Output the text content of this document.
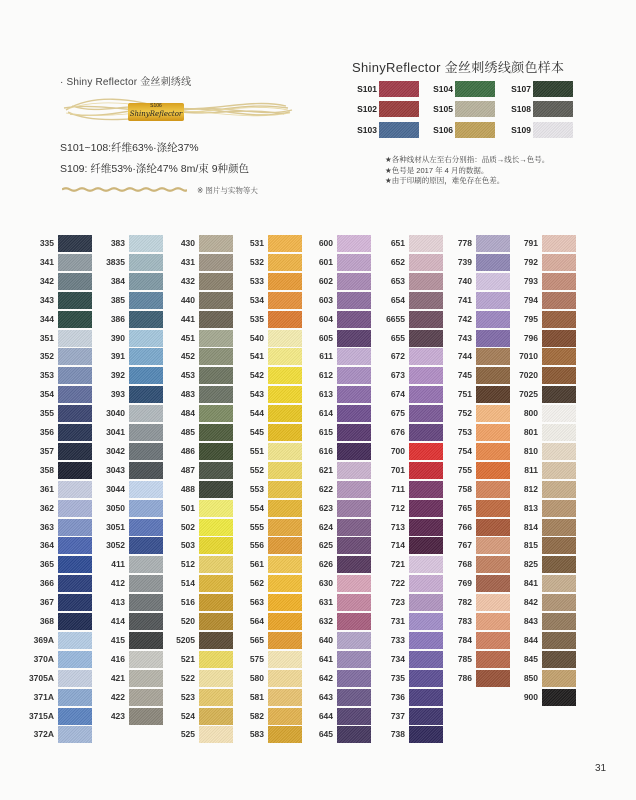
· Shiny Reflector 金丝刺绣线
S106
ShinyReflector
S101~108:纤维63%·涤纶37%
S109: 纤维53%·涤纶47% 8m/束 9种颜色
※ 图片与实物等大
ShinyReflector 金丝刺绣线颜色样本
S101
S102
S103
S104
S105
S106
S107
S108
S109
★各种线材从左至右分别指：品质→线长→色号。
★色号是 2017 年 4 月的数据。
★由于印刷的原因，难免存在色差。
335
341
342
343
344
351
352
353
354
355
356
357
358
361
362
363
364
365
366
367
368
369A
370A
3705A
371A
3715A
372A
383
3835
384
385
386
390
391
392
393
3040
3041
3042
3043
3044
3050
3051
3052
411
412
413
414
415
416
421
422
423
430
431
432
440
441
451
452
453
483
484
485
486
487
488
501
502
503
512
514
516
520
5205
521
522
523
524
525
531
532
533
534
535
540
541
542
543
544
545
551
552
553
554
555
556
561
562
563
564
565
575
580
581
582
583
600
601
602
603
604
605
611
612
613
614
615
616
621
622
623
624
625
626
630
631
632
640
641
642
643
644
645
651
652
653
654
6655
655
672
673
674
675
676
700
701
711
712
713
714
721
722
723
731
733
734
735
736
737
738
778
739
740
741
742
743
744
745
751
752
753
754
755
758
765
766
767
768
769
782
783
784
785
786
791
792
793
794
795
796
7010
7020
7025
800
801
810
811
812
813
814
815
825
841
842
843
844
845
850
900
31
